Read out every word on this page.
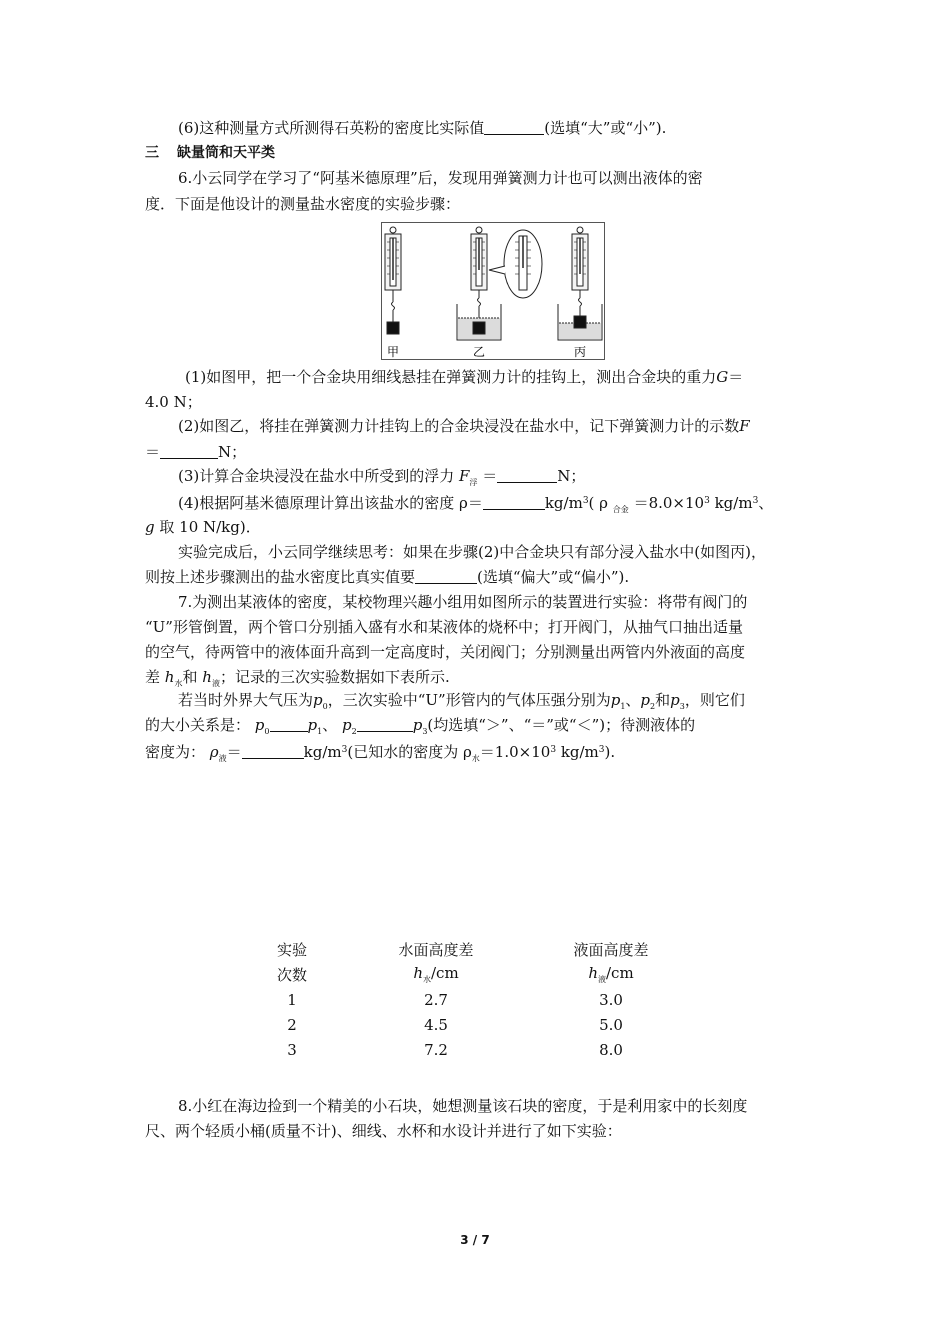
(6)这种测量方式所测得石英粉的密度比实际值	(选填“大”或“小”).
三 缺量筒和天平类
6.小云同学在学习了“阿基米德原理”后，发现用弹簧测力计也可以测出液体的密
度．下面是他设计的测量盐水密度的实验步骤：
甲	乙	丙
(1)如图甲，把一个合金块用细线悬挂在弹簧测力计的挂钩上，测出合金块的重力G＝
4.0 N；
(2)如图乙，将挂在弹簧测力计挂钩上的合金块浸没在盐水中，记下弹簧测力计的示数F
＝	N；
(3)计算合金块浸没在盐水中所受到的浮力 $F_浮$ ＝	N；
(4)根据阿基米德原理计算出该盐水的密度 ρ＝	$kg/m^3$( ρ $_{合金} =8.0\times 10^3$ $kg/m^3$、
g 取 10 N/kg)．
实验完成后，小云同学继续思考：如果在步骤(2)中合金块只有部分浸入盐水中(如图丙)，
则按上述步骤测出的盐水密度比真实值要	(选填“偏大”或“偏小”).
7.为测出某液体的密度，某校物理兴趣小组用如图所示的装置进行实验：将带有阀门的
“U”形管倒置，两个管口分别插入盛有水和某液体的烧杯中；打开阀门，从抽气口抽出适量
的空气，待两管中的液体面升高到一定高度时，关闭阀门；分别测量出两管内外液面的高度
差 $h_水$和 $h_液$；记录的三次实验数据如下表所示.
若当时外界大气压为$p_0$，三次实验中“U”形管内的气体压强分别为$p_1$、$p_2$和$p_3$，则它们
的大小关系是： $p_0$	$p_1$、 $p_2$	$p_3$(均选填“＞”、“＝”或“＜”)；待测液体的
密度为： $\rho_液=$	$kg/m^3$(已知水的密度为 $\rho_水=1.0\times 10^3$ $kg/m^3$).
实验	水面高度差	液面高度差
次数	$h_水/cm$	$h_液/cm$
1	2.7	3.0
2	4.5	5.0
3	7.2	8.0
8.小红在海边捡到一个精美的小石块，她想测量该石块的密度，于是利用家中的长刻度
尺、两个轻质小桶(质量不计)、细线、水杯和水设计并进行了如下实验：
3 / 7
